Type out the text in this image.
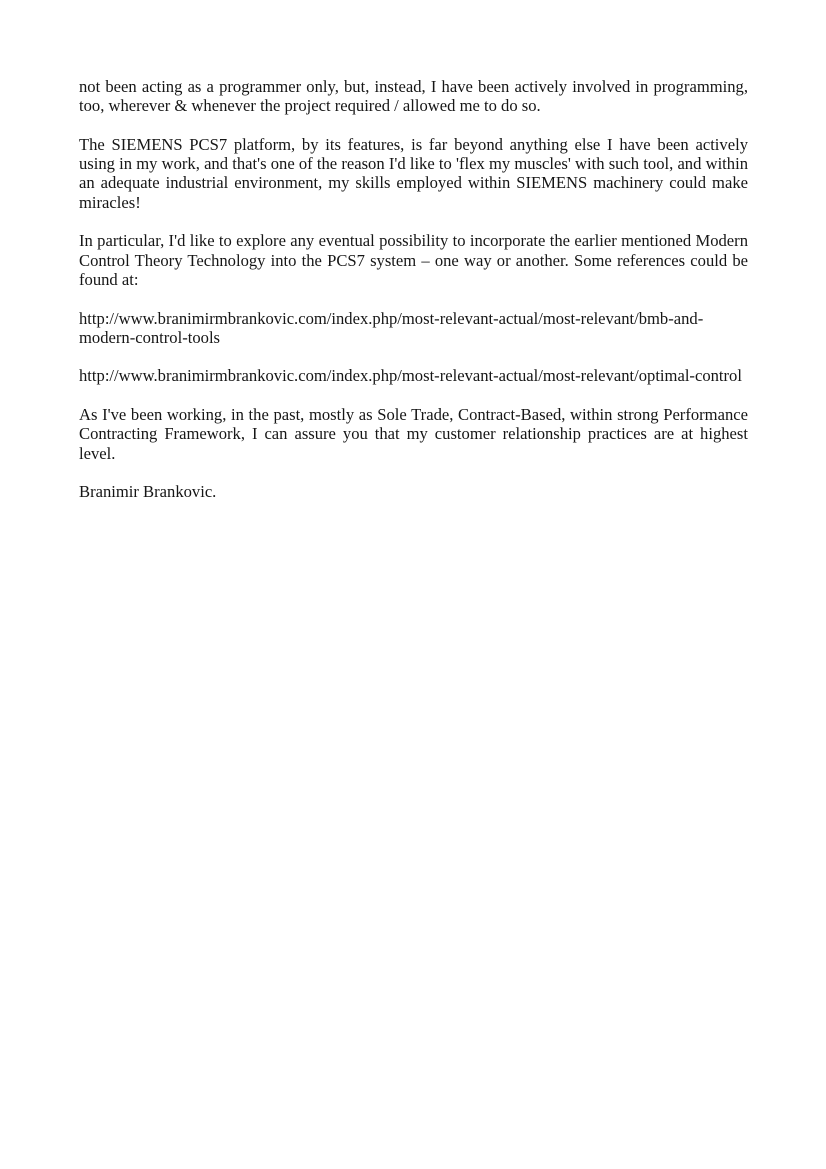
not been acting as a programmer only, but, instead, I have been actively involved in programming, too, wherever & whenever the project required / allowed me to do so.

The SIEMENS PCS7 platform, by its features, is far beyond anything else I have been actively using in my work, and that's one of the reason I'd like to 'flex my muscles' with such tool, and within an adequate industrial environment, my skills employed within SIEMENS machinery could make miracles!

In particular, I'd like to explore any eventual possibility to incorporate the earlier mentioned Modern Control Theory Technology into the PCS7 system – one way or another. Some references could be found at:

http://www.branimirmbrankovic.com/index.php/most-relevant-actual/most-relevant/bmb-and-modern-control-tools

http://www.branimirmbrankovic.com/index.php/most-relevant-actual/most-relevant/optimal-control

As I've been working, in the past, mostly as Sole Trade, Contract-Based, within strong Performance Contracting Framework, I can assure you that my customer relationship practices are at highest level.

Branimir Brankovic.
